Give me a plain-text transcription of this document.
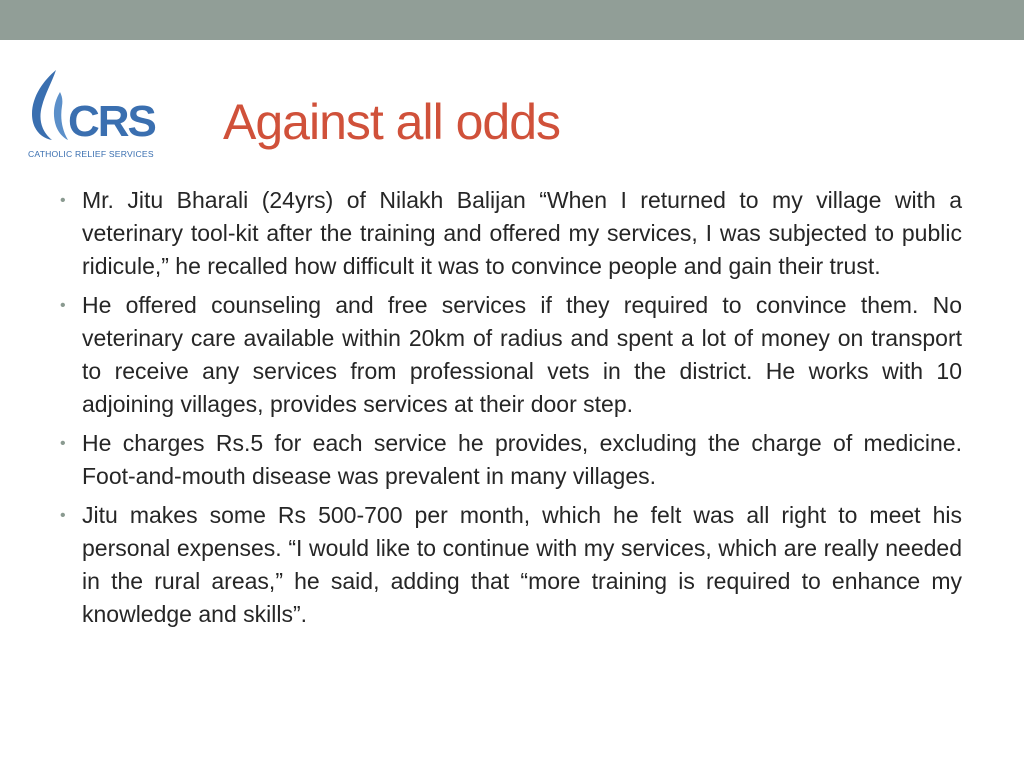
CRS
CATHOLIC RELIEF SERVICES
Against all odds
• Mr. Jitu Bharali (24yrs) of Nilakh Balijan “When I returned to my village with a veterinary tool-kit after the training and offered my services, I was subjected to public ridicule,” he recalled how difficult it was to convince people and gain their trust.
• He offered counseling and free services if they required to convince them. No veterinary care available within 20km of radius and spent a lot of money on transport to receive any services from professional vets in the district. He works with 10 adjoining villages, provides services at their door step.
• He charges Rs.5 for each service he provides, excluding the charge of medicine. Foot-and-mouth disease was prevalent in many villages.
• Jitu makes some Rs 500-700 per month, which he felt was all right to meet his personal expenses. “I would like to continue with my services, which are really needed in the rural areas,” he said, adding that “more training is required to enhance my knowledge and skills”.
